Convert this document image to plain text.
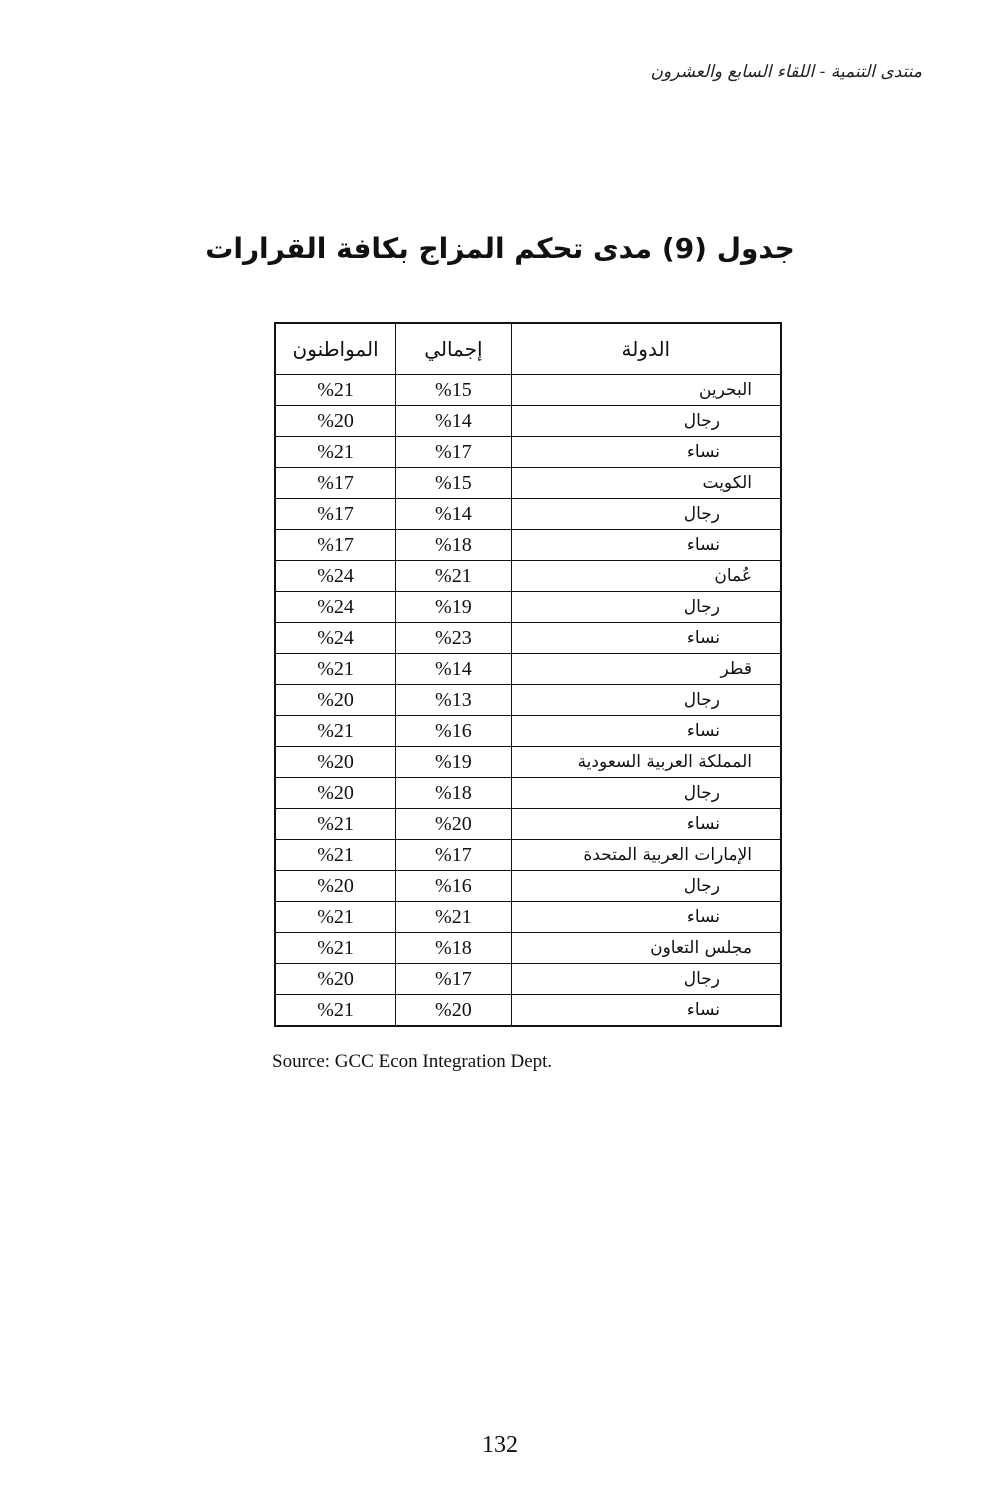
منتدى التنمية - اللقاء السابع والعشرون
جدول (9) مدى تحكم المزاج بكافة القرارات
الدولة	إجمالي	المواطنون
البحرين	%15	%21
رجال	%14	%20
نساء	%17	%21
الكويت	%15	%17
رجال	%14	%17
نساء	%18	%17
عُمان	%21	%24
رجال	%19	%24
نساء	%23	%24
قطر	%14	%21
رجال	%13	%20
نساء	%16	%21
المملكة العربية السعودية	%19	%20
رجال	%18	%20
نساء	%20	%21
الإمارات العربية المتحدة	%17	%21
رجال	%16	%20
نساء	%21	%21
مجلس التعاون	%18	%21
رجال	%17	%20
نساء	%20	%21
Source: GCC Econ Integration Dept.
132
